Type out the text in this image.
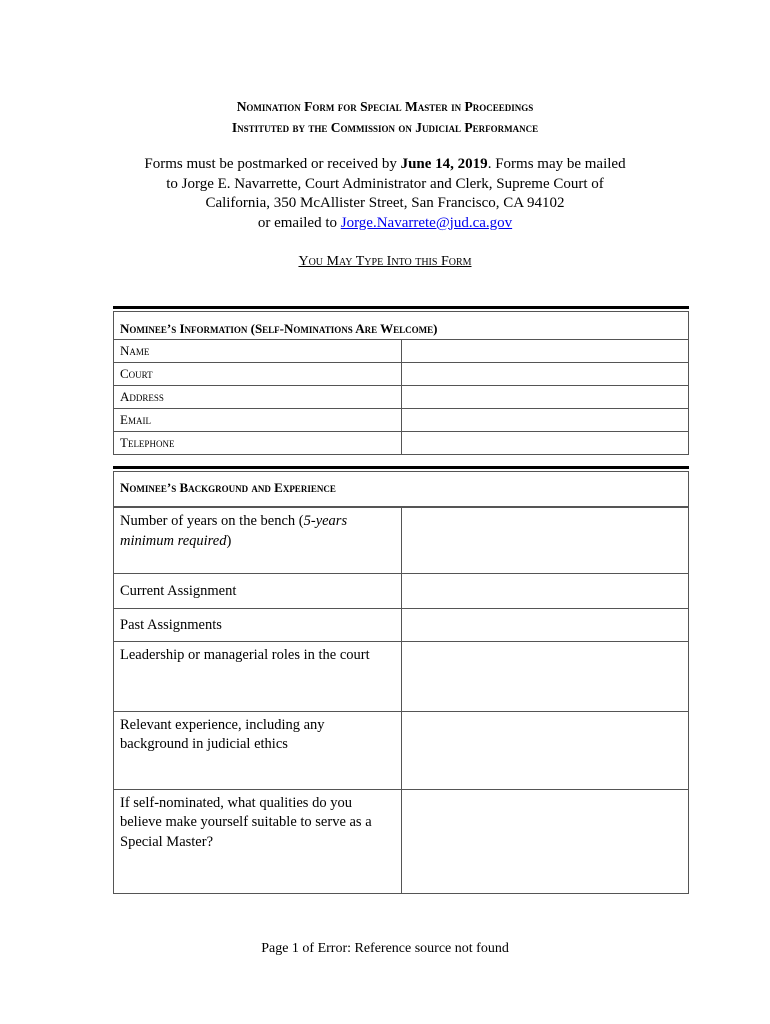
Nomination Form for Special Master in Proceedings
Instituted by the Commission on Judicial Performance
Forms must be postmarked or received by June 14, 2019. Forms may be mailed
to Jorge E. Navarrette, Court Administrator and Clerk, Supreme Court of
California, 350 McAllister Street, San Francisco, CA 94102
or emailed to Jorge.Navarrete@jud.ca.gov
You May Type Into this Form
Nominee’s Information (Self-Nominations Are Welcome)	
Name	
Court	
Address	
Email	
Telephone	
Nominee’s Background and Experience	
Number of years on the bench (5-years minimum required)	
Current Assignment	
Past Assignments	
Leadership or managerial roles in the court	
Relevant experience, including any background in judicial ethics	
If self-nominated, what qualities do you believe make yourself suitable to serve as a Special Master?	
Page 1 of Error: Reference source not found
